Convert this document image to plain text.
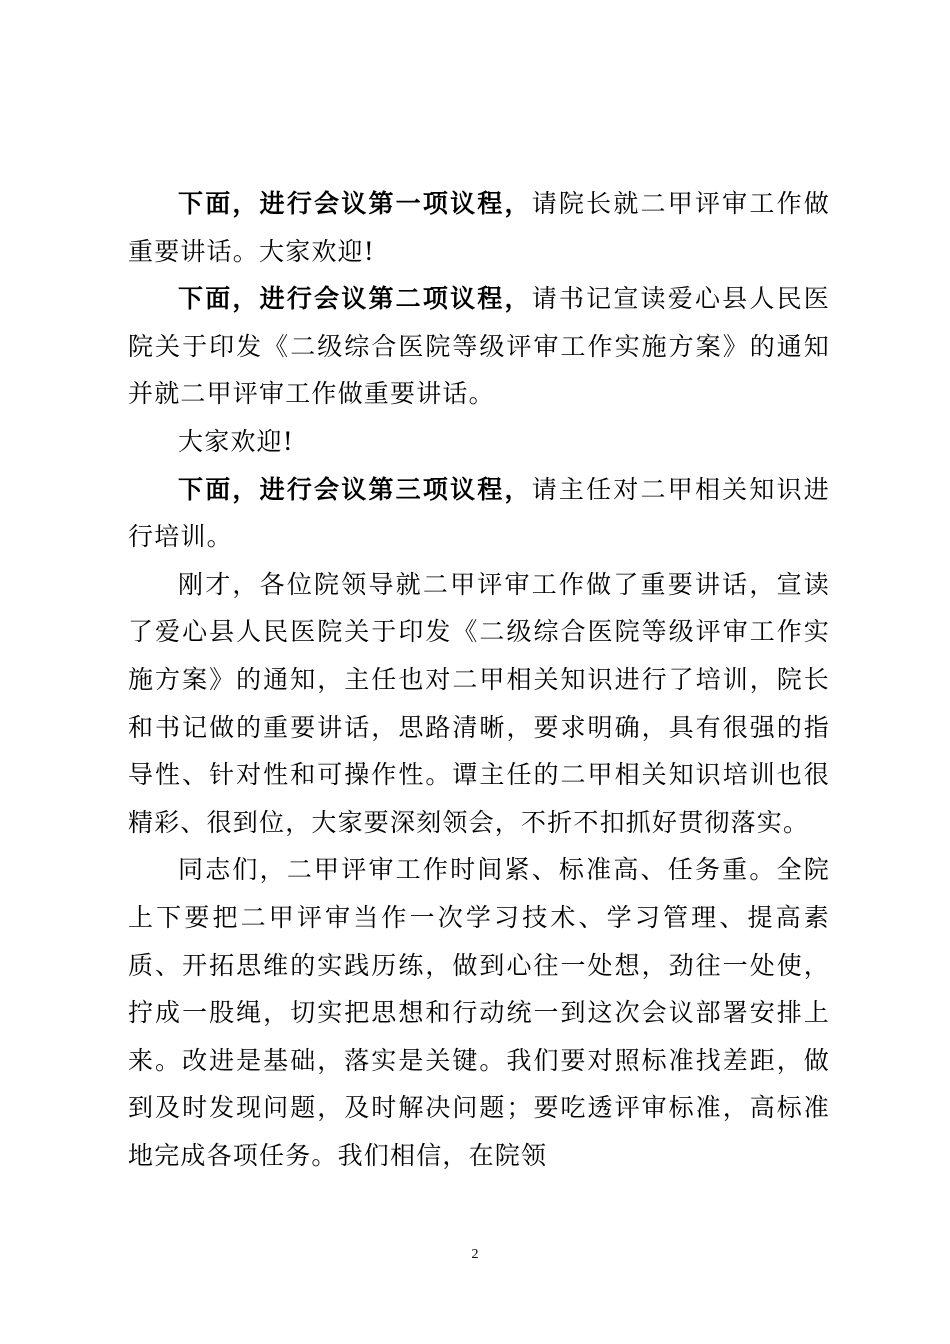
下面，进行会议第一项议程，请院长就二甲评审工作做重要讲话。大家欢迎!

下面，进行会议第二项议程，请书记宣读爱心县人民医院关于印发《二级综合医院等级评审工作实施方案》的通知并就二甲评审工作做重要讲话。

大家欢迎!

下面，进行会议第三项议程，请主任对二甲相关知识进行培训。

刚才，各位院领导就二甲评审工作做了重要讲话，宣读了爱心县人民医院关于印发《二级综合医院等级评审工作实施方案》的通知，主任也对二甲相关知识进行了培训，院长和书记做的重要讲话，思路清晰，要求明确，具有很强的指导性、针对性和可操作性。谭主任的二甲相关知识培训也很精彩、很到位，大家要深刻领会，不折不扣抓好贯彻落实。

同志们，二甲评审工作时间紧、标准高、任务重。全院上下要把二甲评审当作一次学习技术、学习管理、提高素质、开拓思维的实践历练，做到心往一处想，劲往一处使，拧成一股绳，切实把思想和行动统一到这次会议部署安排上来。改进是基础，落实是关键。我们要对照标准找差距，做到及时发现问题，及时解决问题；要吃透评审标准，高标准地完成各项任务。我们相信，在院领

2
